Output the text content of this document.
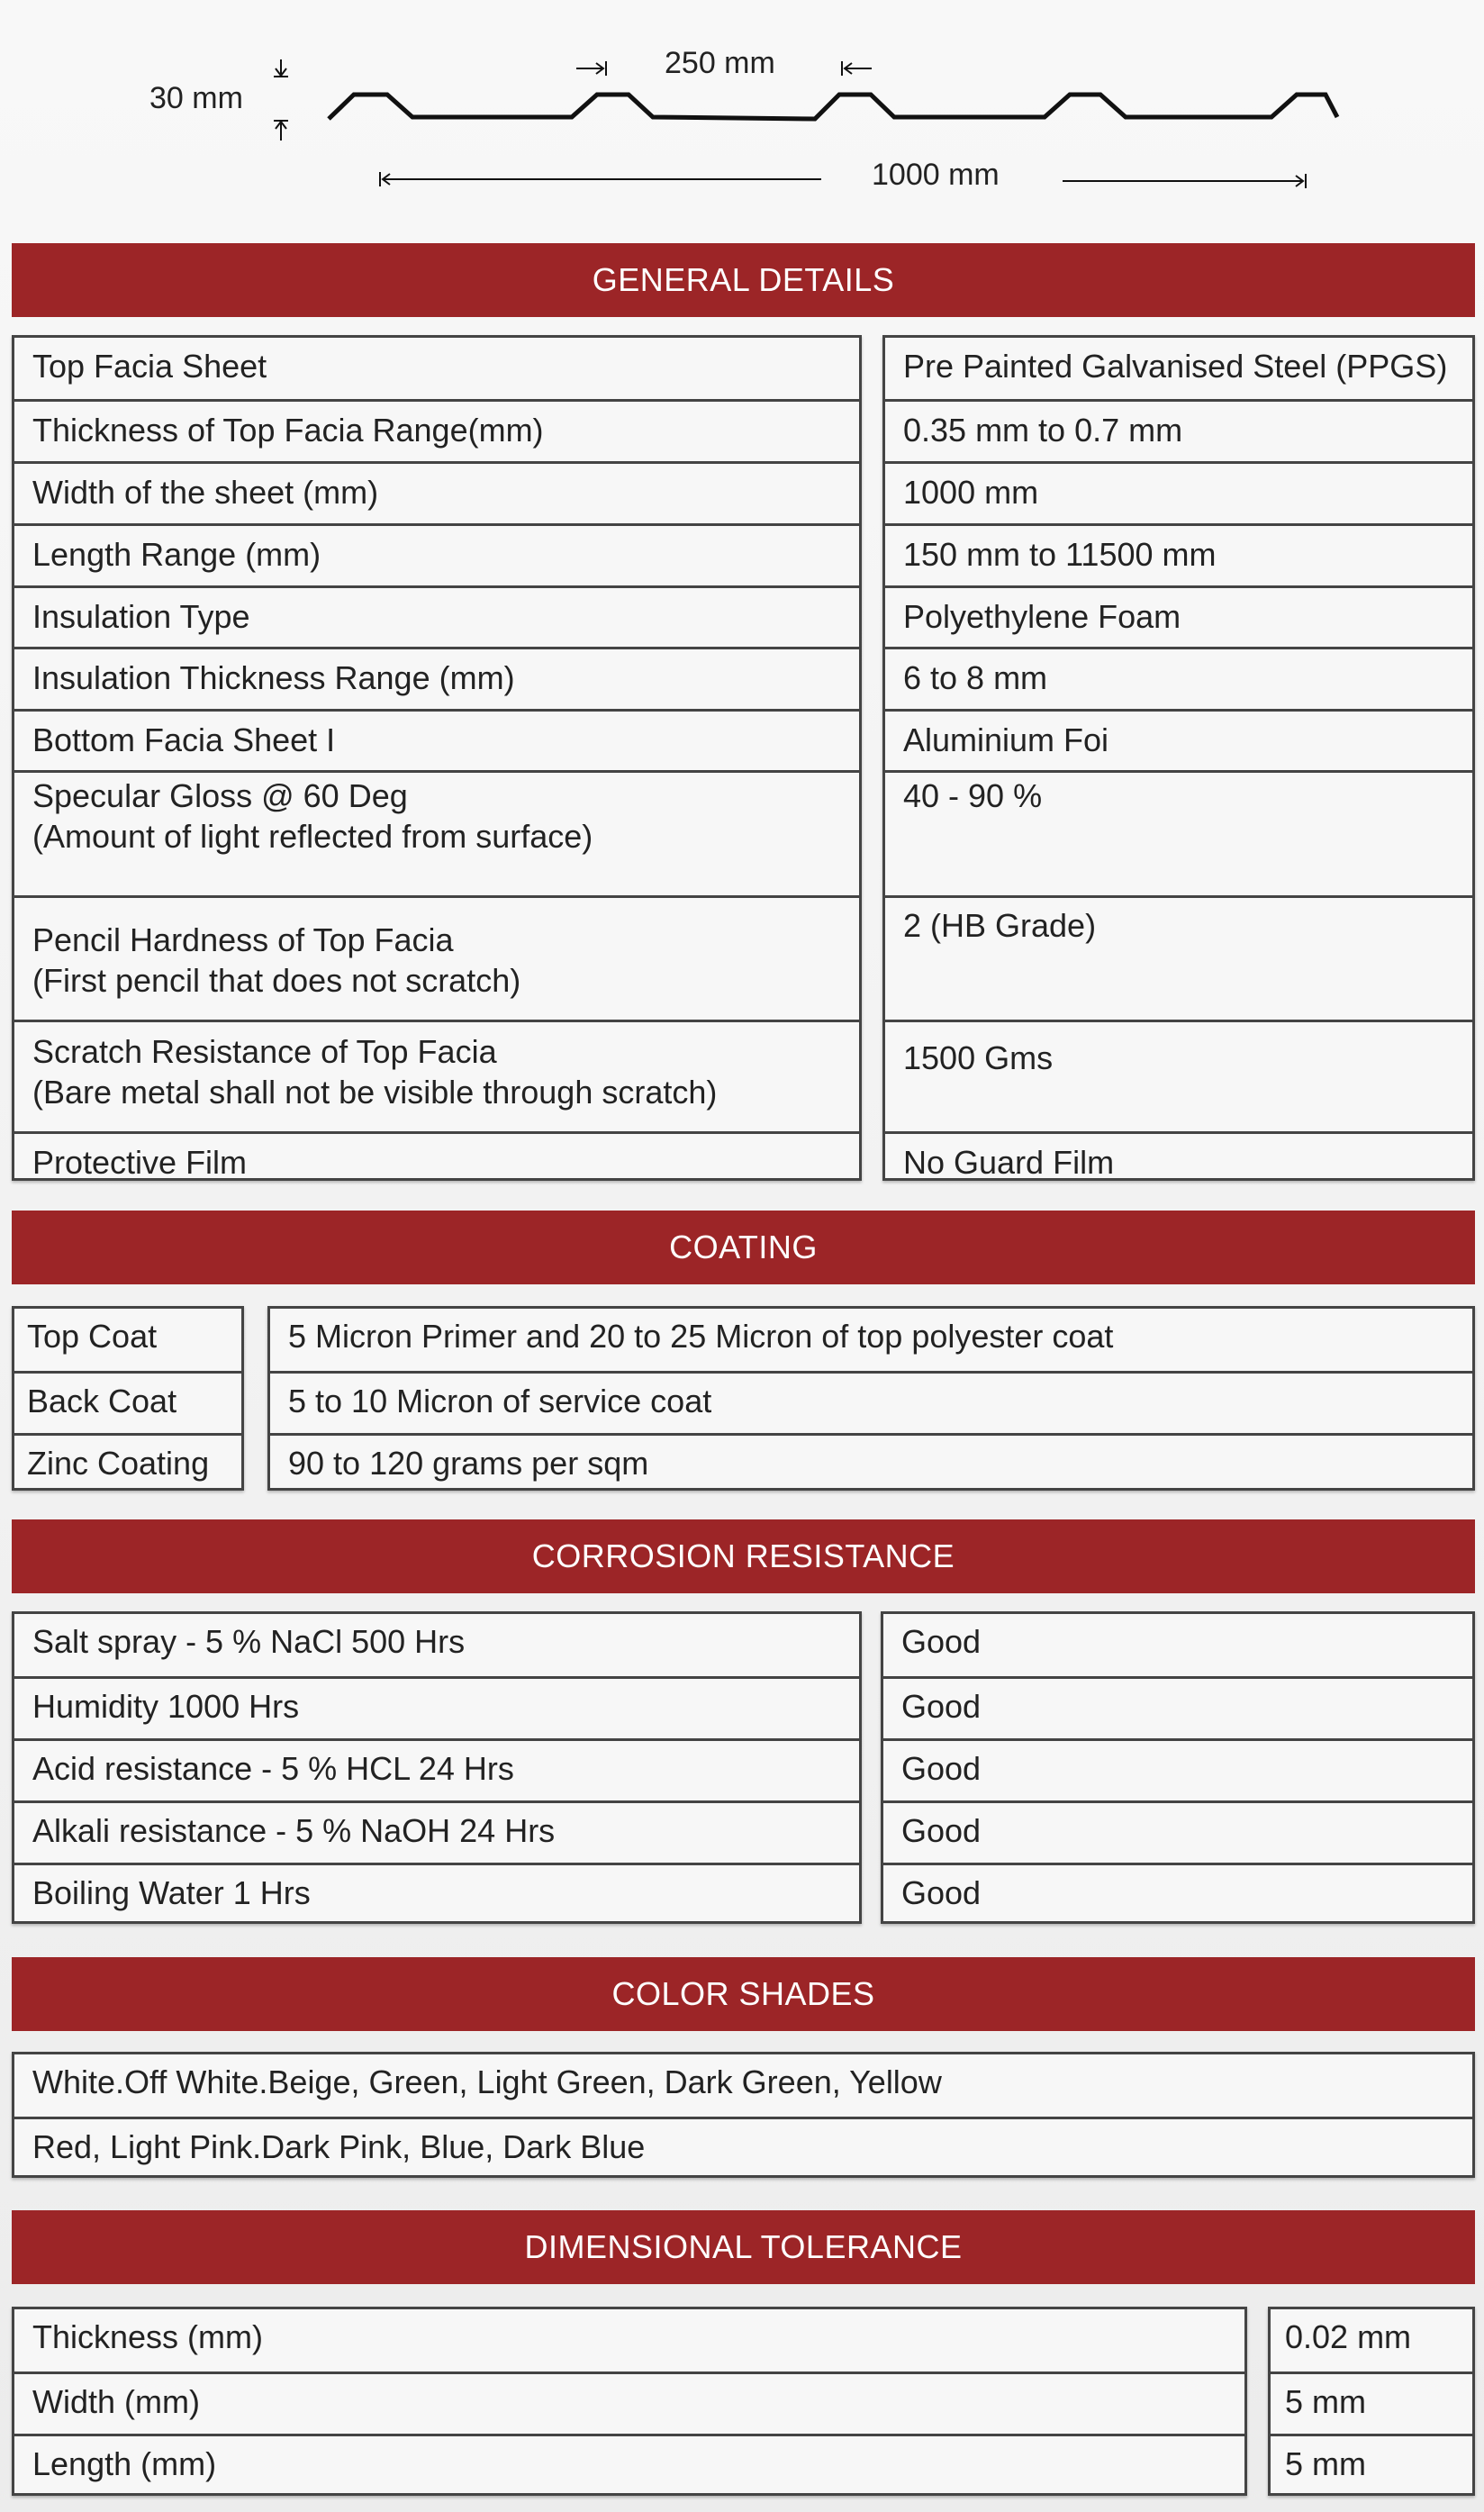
30 mm
250 mm
1000 mm
GENERAL DETAILS
Top Facia Sheet
Thickness of Top Facia Range(mm)
Width of the sheet (mm)
Length Range (mm)
Insulation Type
Insulation Thickness Range (mm)
Bottom Facia Sheet I
Specular Gloss @ 60 Deg
(Amount of light reflected from surface)
Pencil Hardness of Top Facia
(First pencil that does not scratch)
Scratch Resistance of Top Facia
(Bare metal shall not be visible through scratch)
Protective Film
Pre Painted Galvanised Steel (PPGS)
0.35 mm to 0.7 mm
1000 mm
150 mm to 11500 mm
Polyethylene Foam
6 to 8 mm
Aluminium Foi
40 - 90 %
2 (HB Grade)
1500 Gms
No Guard Film
COATING
Top Coat
Back Coat
Zinc Coating
5 Micron Primer and 20 to 25 Micron of top polyester coat
5 to 10 Micron of service coat
90 to 120 grams per sqm
CORROSION RESISTANCE
Salt spray - 5 % NaCl 500 Hrs
Humidity 1000 Hrs
Acid resistance - 5 % HCL 24 Hrs
Alkali resistance - 5 % NaOH 24 Hrs
Boiling Water 1 Hrs
Good
Good
Good
Good
Good
COLOR SHADES
White.Off White.Beige, Green, Light Green, Dark Green, Yellow
Red, Light Pink.Dark Pink, Blue, Dark Blue
DIMENSIONAL TOLERANCE
Thickness (mm)
Width (mm)
Length (mm)
0.02 mm
5 mm
5 mm
